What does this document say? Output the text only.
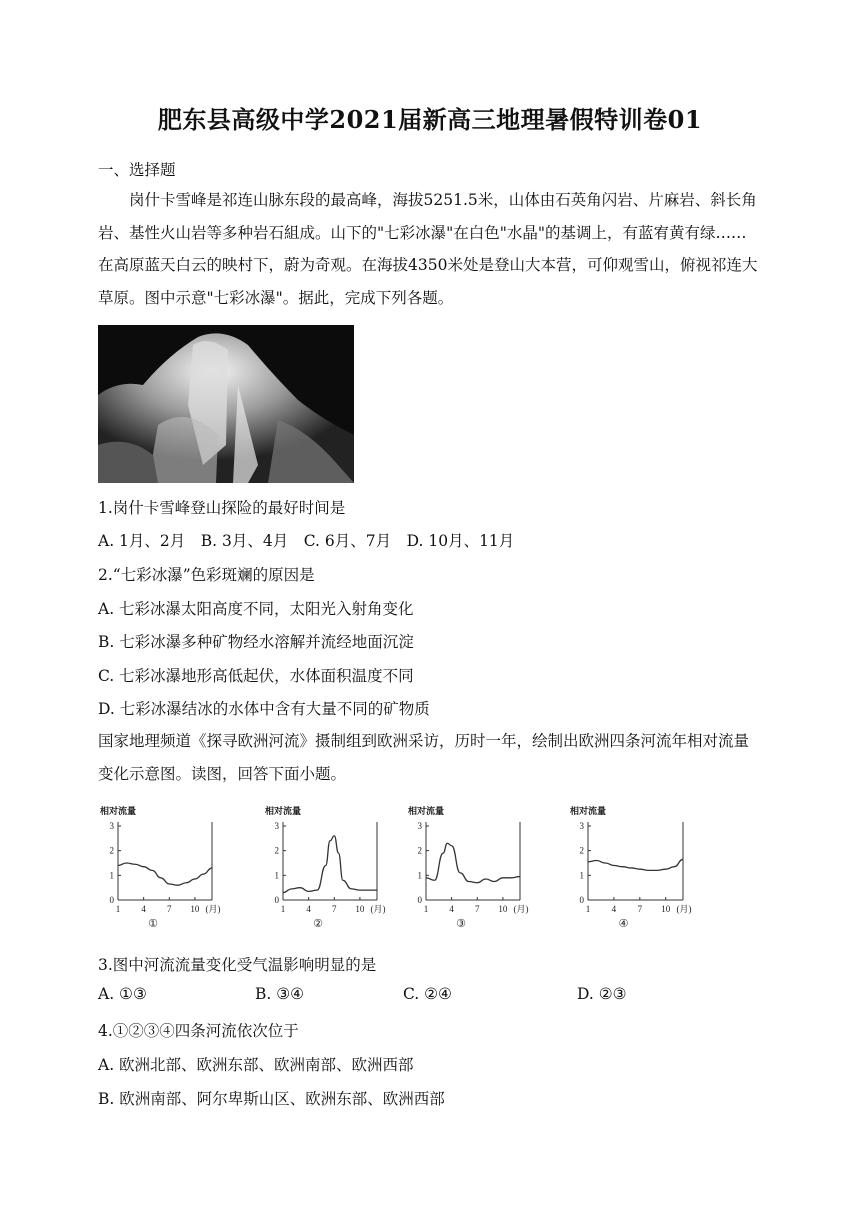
肥东县高级中学2021届新高三地理暑假特训卷01
一、选择题
岗什卡雪峰是祁连山脉东段的最高峰，海拔5251.5米，山体由石英角闪岩、片麻岩、斜长角岩、基性火山岩等多种岩石組成。山下的"七彩冰瀑"在白色"水晶"的基调上，有蓝宥黄有绿……在高原蓝天白云的映村下，蔚为奇观。在海拔4350米处是登山大本营，可仰观雪山，俯视祁连大草原。图中示意"七彩冰瀑"。据此，完成下列各题。
1.岗什卡雪峰登山探险的最好时间是
A. 1月、2月　B. 3月、4月　C. 6月、7月　D. 10月、11月
2.“七彩冰瀑”色彩斑斓的原因是
A. 七彩冰瀑太阳高度不同，太阳光入射角变化
B. 七彩冰瀑多种矿物经水溶解并流经地面沉淀
C. 七彩冰瀑地形高低起伏，水体面积温度不同
D. 七彩冰瀑结冰的水体中含有大量不同的矿物质
国家地理频道《探寻欧洲河流》摄制组到欧洲采访，历时一年，绘制出欧洲四条河流年相对流量变化示意图。读图，回答下面小题。
相对流量
0
1
2
3
1 4 7 10 (月)
①
相对流量
0
1
2
3
1 4 7 10 (月)
②
相对流量
0
1
2
3
1 4 7 10 (月)
③
相对流量
0
1
2
3
1 4 7 10 (月)
④
3.图中河流流量变化受气温影响明显的是
A. ①③	B. ③④	C. ②④	D. ②③
4.①②③④四条河流依次位于
A. 欧洲北部、欧洲东部、欧洲南部、欧洲西部
B. 欧洲南部、阿尔卑斯山区、欧洲东部、欧洲西部
